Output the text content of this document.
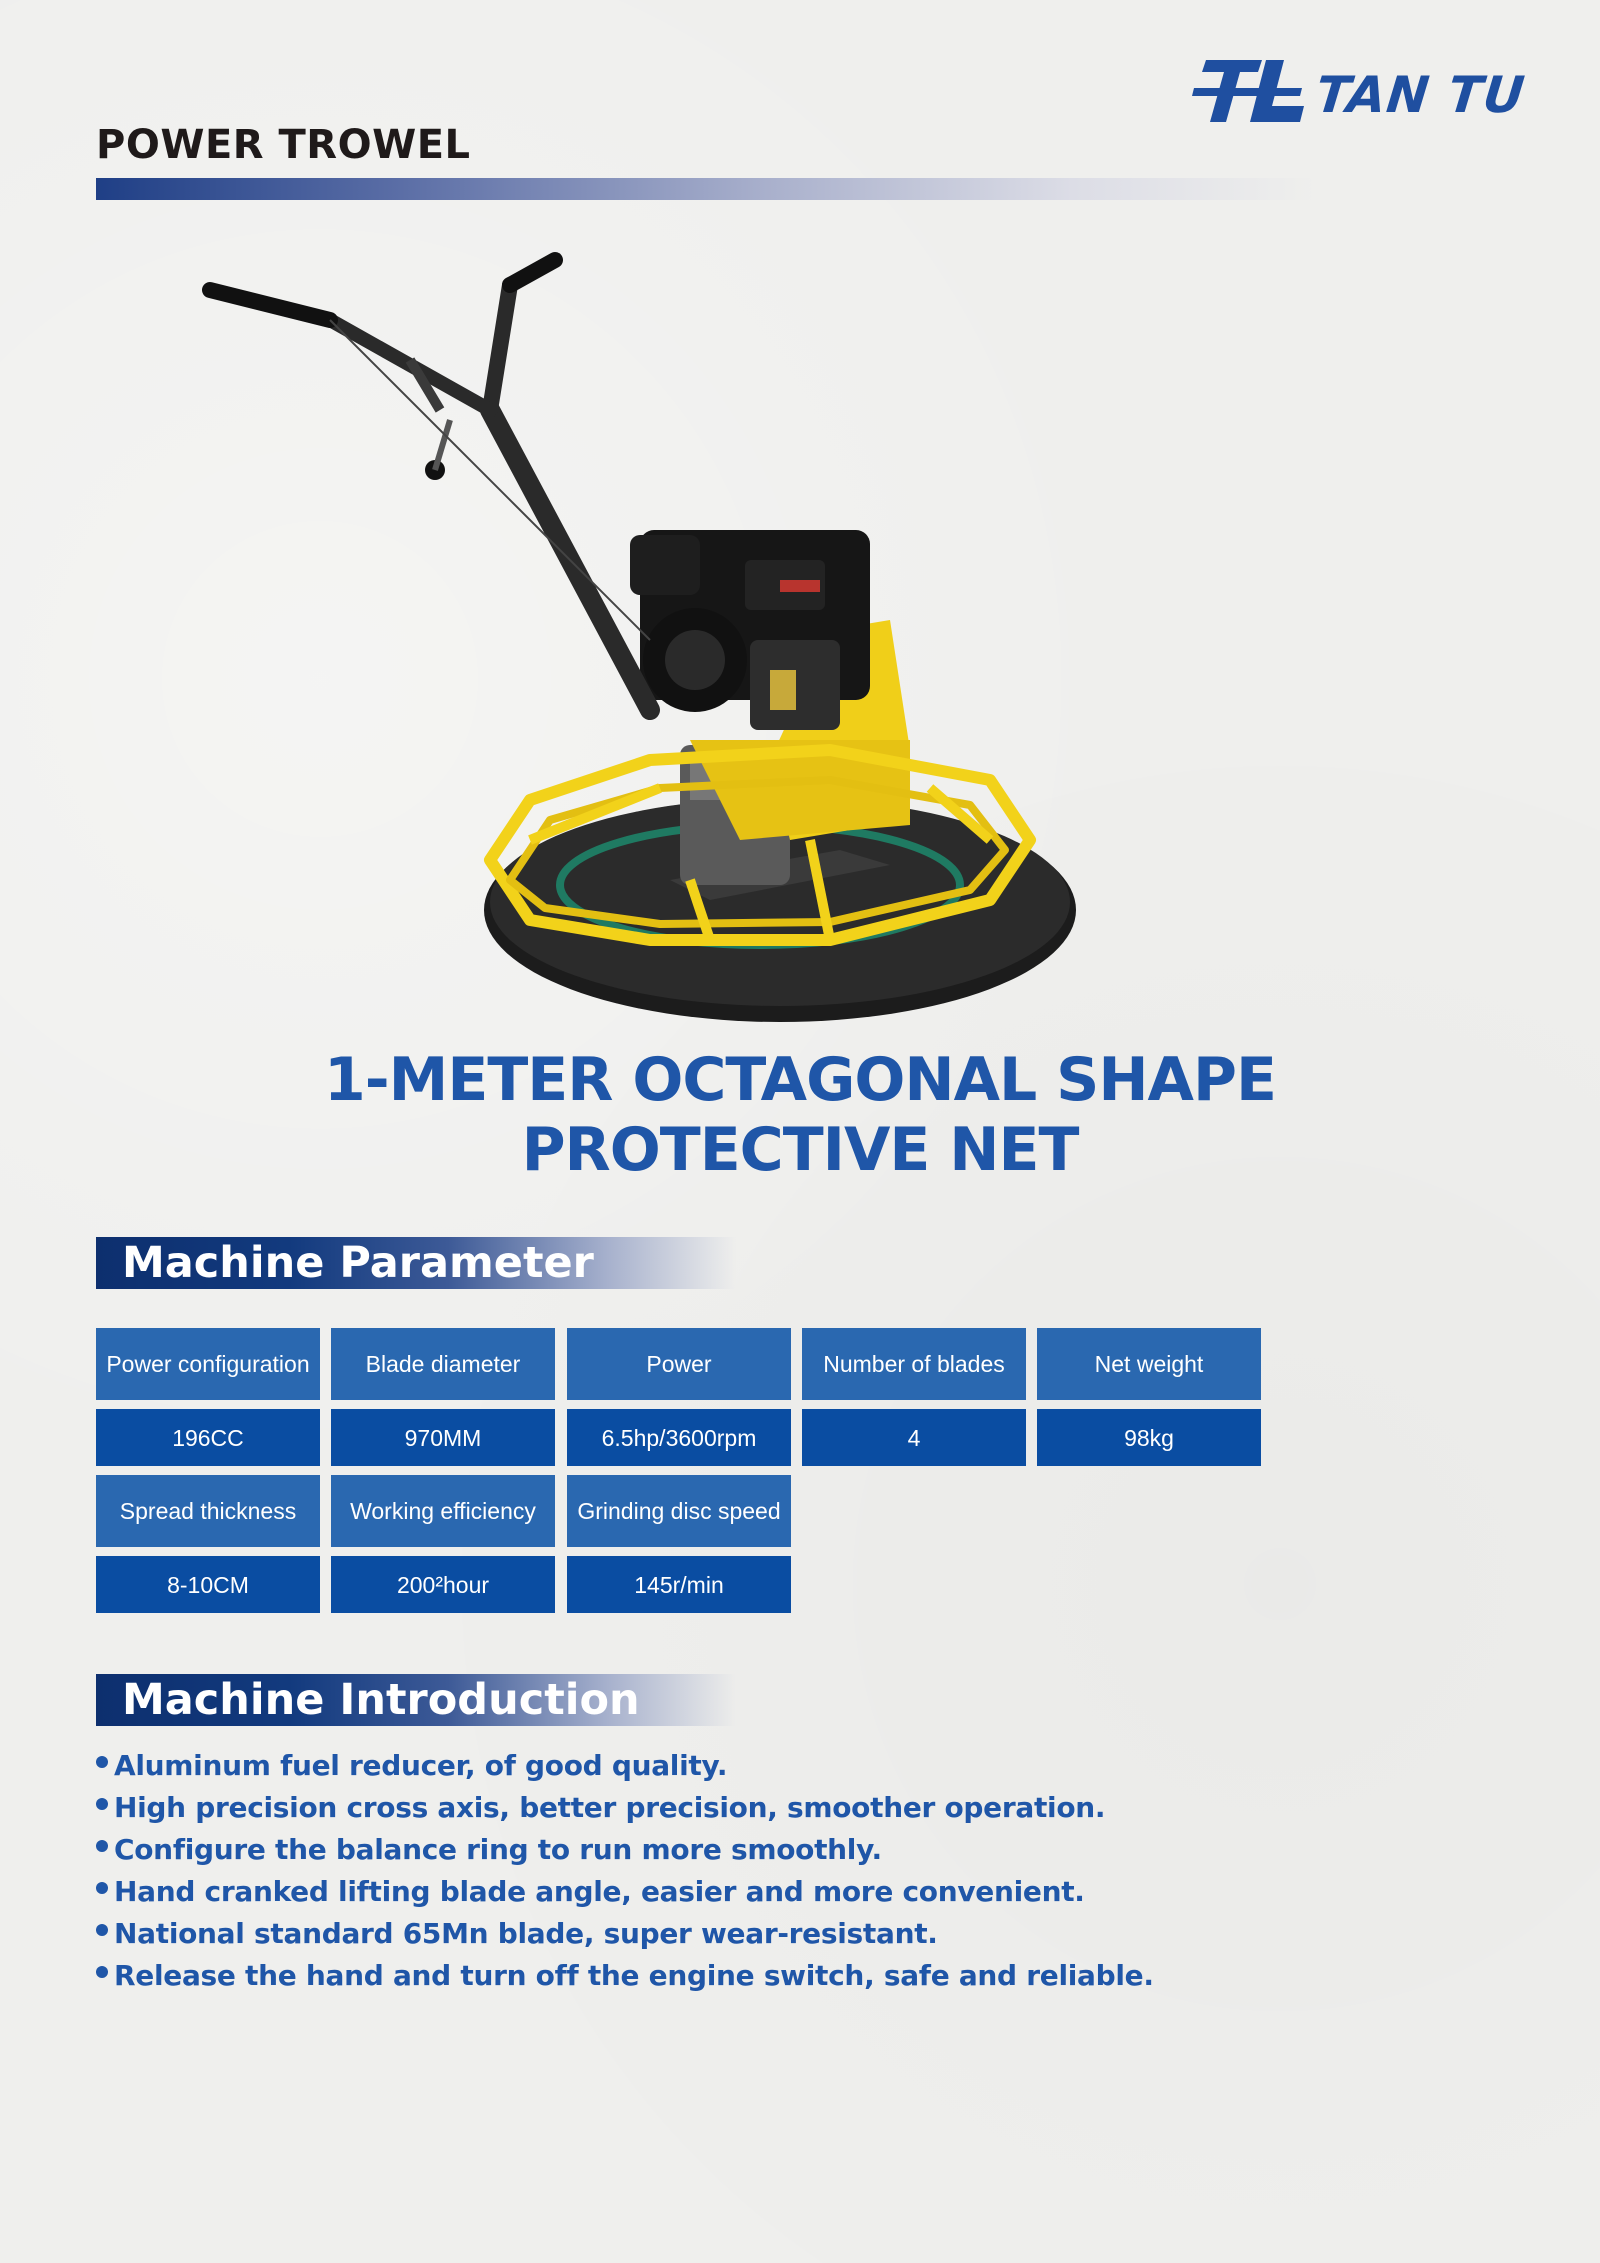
TAN TU
POWER TROWEL
1-METER OCTAGONAL SHAPE
PROTECTIVE NET
Machine Parameter
Power configuration	Blade diameter	Power	Number of blades	Net weight
196CC	970MM	6.5hp/3600rpm	4	98kg
Spread thickness	Working efficiency	Grinding disc speed
8-10CM	200²hour	145r/min
Machine Introduction
Aluminum fuel reducer, of good quality.
High precision cross axis, better precision, smoother operation.
Configure the balance ring to run more smoothly.
Hand cranked lifting blade angle, easier and more convenient.
National standard 65Mn blade, super wear-resistant.
Release the hand and turn off the engine switch, safe and reliable.
